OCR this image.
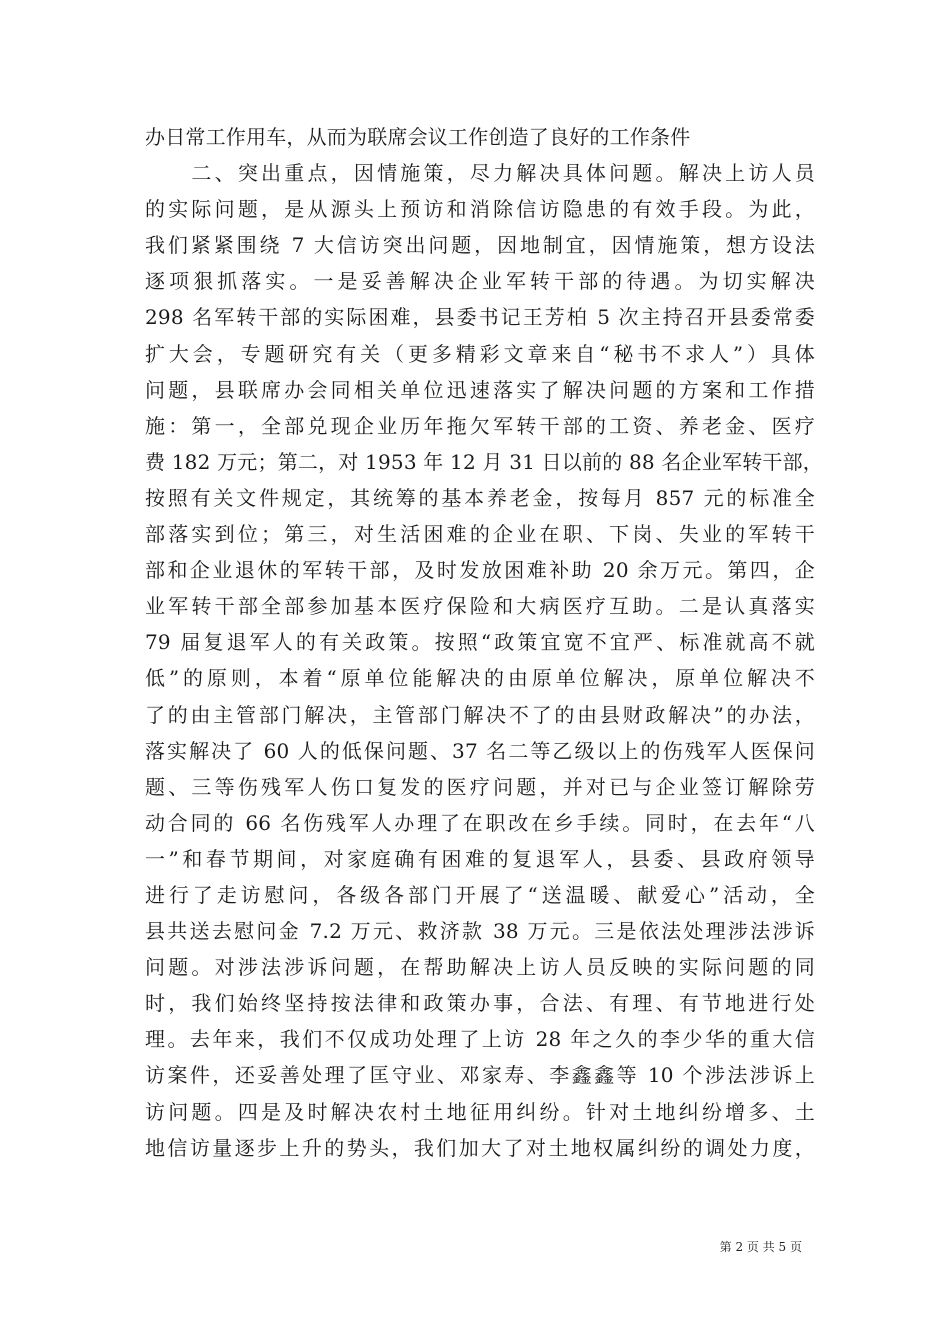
办日常工作用车，从而为联席会议工作创造了良好的工作条件
　　二、突出重点，因情施策，尽力解决具体问题。解决上访人员
的实际问题，是从源头上预访和消除信访隐患的有效手段。为此，
我们紧紧围绕 7 大信访突出问题，因地制宜，因情施策，想方设法
逐项狠抓落实。一是妥善解决企业军转干部的待遇。为切实解决
298 名军转干部的实际困难，县委书记王芳柏 5 次主持召开县委常委
扩大会，专题研究有关（更多精彩文章来自“秘书不求人”）具体
问题，县联席办会同相关单位迅速落实了解决问题的方案和工作措
施：第一，全部兑现企业历年拖欠军转干部的工资、养老金、医疗
费 182 万元；第二，对 1953 年 12 月 31 日以前的 88 名企业军转干部，
按照有关文件规定，其统筹的基本养老金，按每月 857 元的标准全
部落实到位；第三，对生活困难的企业在职、下岗、失业的军转干
部和企业退休的军转干部，及时发放困难补助 20 余万元。第四，企
业军转干部全部参加基本医疗保险和大病医疗互助。二是认真落实
79 届复退军人的有关政策。按照“政策宜宽不宜严、标准就高不就
低”的原则，本着“原单位能解决的由原单位解决，原单位解决不
了的由主管部门解决，主管部门解决不了的由县财政解决”的办法，
落实解决了 60 人的低保问题、37 名二等乙级以上的伤残军人医保问
题、三等伤残军人伤口复发的医疗问题，并对已与企业签订解除劳
动合同的 66 名伤残军人办理了在职改在乡手续。同时，在去年“八
一”和春节期间，对家庭确有困难的复退军人，县委、县政府领导
进行了走访慰问，各级各部门开展了“送温暖、献爱心”活动，全
县共送去慰问金 7.2 万元、救济款 38 万元。三是依法处理涉法涉诉
问题。对涉法涉诉问题，在帮助解决上访人员反映的实际问题的同
时，我们始终坚持按法律和政策办事，合法、有理、有节地进行处
理。去年来，我们不仅成功处理了上访 28 年之久的李少华的重大信
访案件，还妥善处理了匡守业、邓家寿、李鑫鑫等 10 个涉法涉诉上
访问题。四是及时解决农村土地征用纠纷。针对土地纠纷增多、土
地信访量逐步上升的势头，我们加大了对土地权属纠纷的调处力度，
第 2 页 共 5 页
